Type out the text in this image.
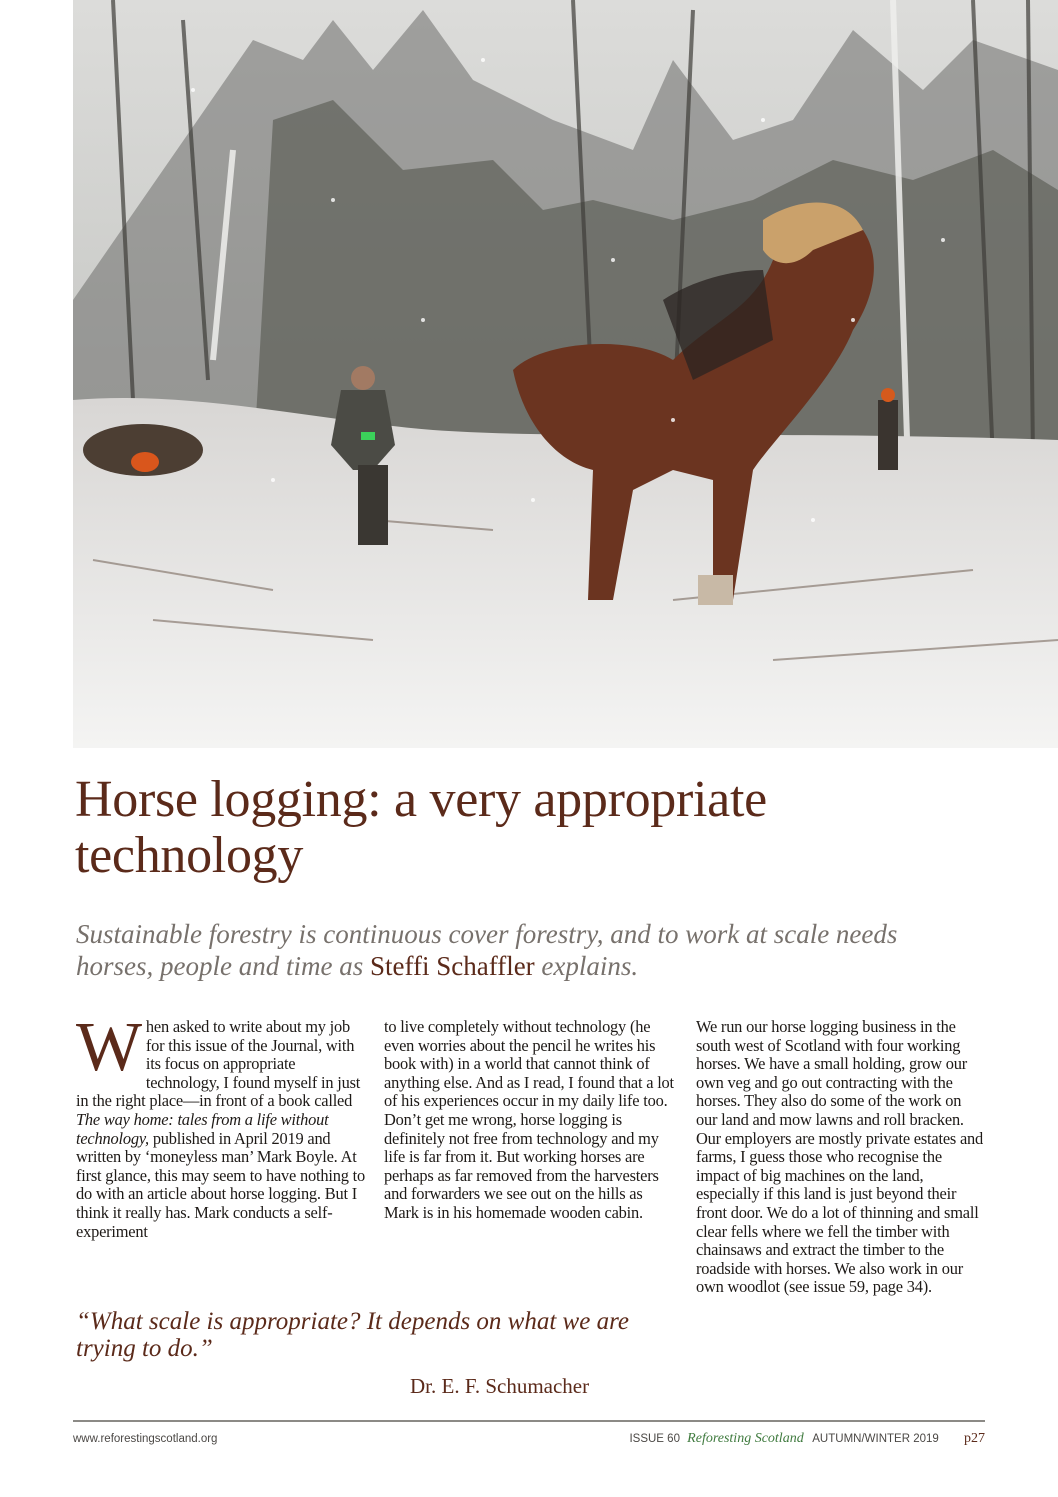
Horse logging: a very appropriate technology

Sustainable forestry is continuous cover forestry, and to work at scale needs horses, people and time as Steffi Schaffler explains.

When asked to write about my job for this issue of the Journal, with its focus on appropriate technology, I found myself in just in the right place—in front of a book called The way home: tales from a life without technology, published in April 2019 and written by ‘moneyless man’ Mark Boyle. At first glance, this may seem to have nothing to do with an article about horse logging. But I think it really has. Mark conducts a self-experiment

to live completely without technology (he even worries about the pencil he writes his book with) in a world that cannot think of anything else. And as I read, I found that a lot of his experiences occur in my daily life too. Don’t get me wrong, horse logging is definitely not free from technology and my life is far from it. But working horses are perhaps as far removed from the harvesters and forwarders we see out on the hills as Mark is in his homemade wooden cabin.

We run our horse logging business in the south west of Scotland with four working horses. We have a small holding, grow our own veg and go out contracting with the horses. They also do some of the work on our land and mow lawns and roll bracken. Our employers are mostly private estates and farms, I guess those who recognise the impact of big machines on the land, especially if this land is just beyond their front door. We do a lot of thinning and small clear fells where we fell the timber with chainsaws and extract the timber to the roadside with horses. We also work in our own woodlot (see issue 59, page 34).

“What scale is appropriate? It depends on what we are trying to do.”

Dr. E. F. Schumacher

www.reforestingscotland.org	ISSUE 60 Reforesting Scotland AUTUMN/WINTER 2019 p27
